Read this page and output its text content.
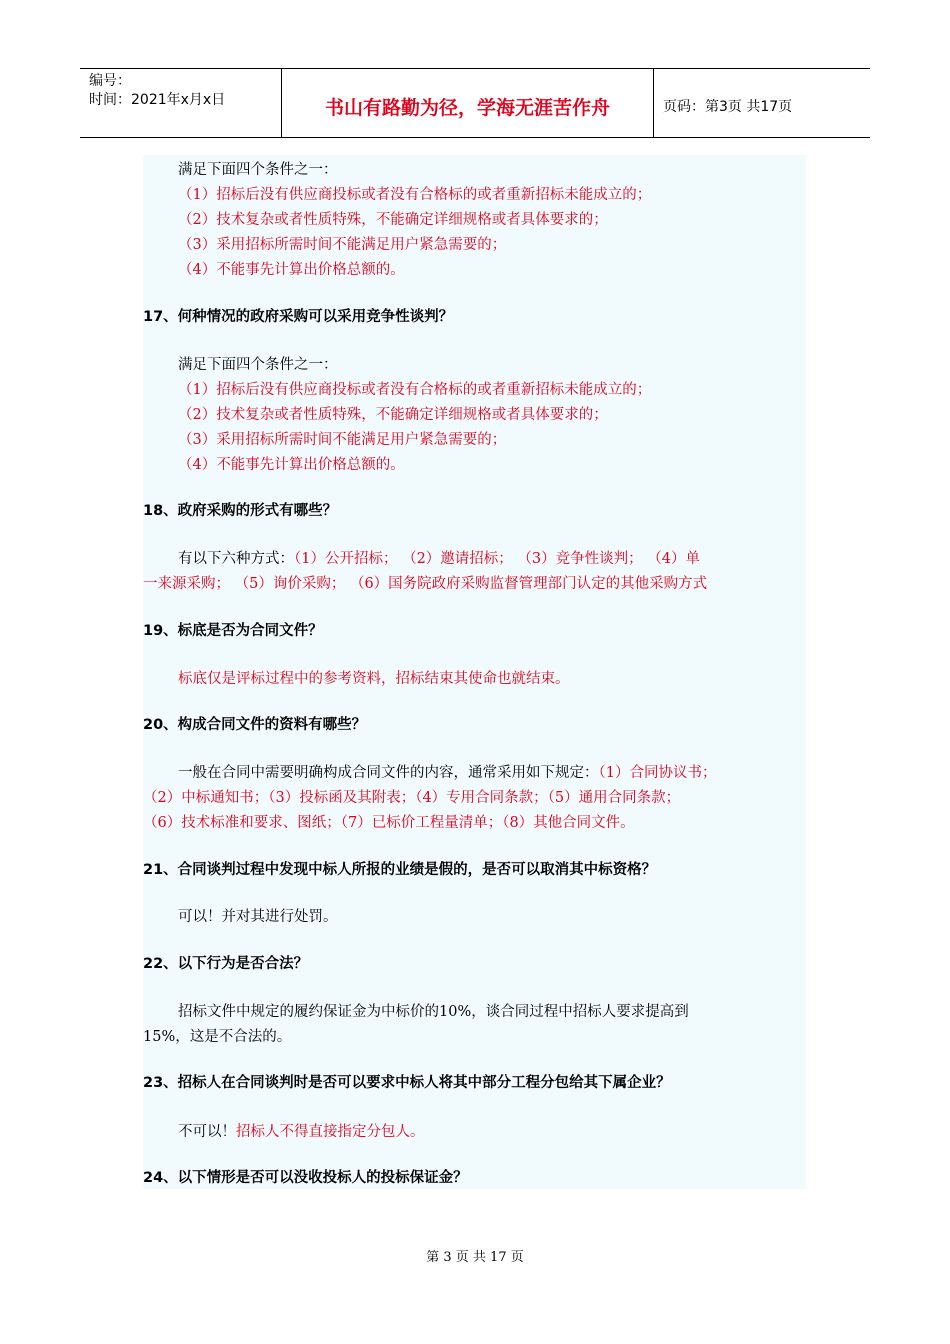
编号：
时间：2021年x月x日	书山有路勤为径，学海无涯苦作舟	页码：第3页 共17页
满足下面四个条件之一：
（1）招标后没有供应商投标或者没有合格标的或者重新招标未能成立的；
（2）技术复杂或者性质特殊，不能确定详细规格或者具体要求的；
（3）采用招标所需时间不能满足用户紧急需要的；
（4）不能事先计算出价格总额的。
17、何种情况的政府采购可以采用竞争性谈判？
满足下面四个条件之一：
（1）招标后没有供应商投标或者没有合格标的或者重新招标未能成立的；
（2）技术复杂或者性质特殊，不能确定详细规格或者具体要求的；
（3）采用招标所需时间不能满足用户紧急需要的；
（4）不能事先计算出价格总额的。
18、政府采购的形式有哪些？
有以下六种方式：（1）公开招标； （2）邀请招标； （3）竞争性谈判； （4）单
一来源采购； （5）询价采购； （6）国务院政府采购监督管理部门认定的其他采购方式
19、标底是否为合同文件？
标底仅是评标过程中的参考资料，招标结束其使命也就结束。
20、构成合同文件的资料有哪些？
一般在合同中需要明确构成合同文件的内容，通常采用如下规定：（1）合同协议书；
（2）中标通知书；（3）投标函及其附表；（4）专用合同条款；（5）通用合同条款；
（6）技术标准和要求、图纸；（7）已标价工程量清单；（8）其他合同文件。
21、合同谈判过程中发现中标人所报的业绩是假的，是否可以取消其中标资格？
可以！并对其进行处罚。
22、以下行为是否合法？
招标文件中规定的履约保证金为中标价的10%，谈合同过程中招标人要求提高到
15%，这是不合法的。
23、招标人在合同谈判时是否可以要求中标人将其中部分工程分包给其下属企业？
不可以！招标人不得直接指定分包人。
24、以下情形是否可以没收投标人的投标保证金？
第 3 页 共 17 页
